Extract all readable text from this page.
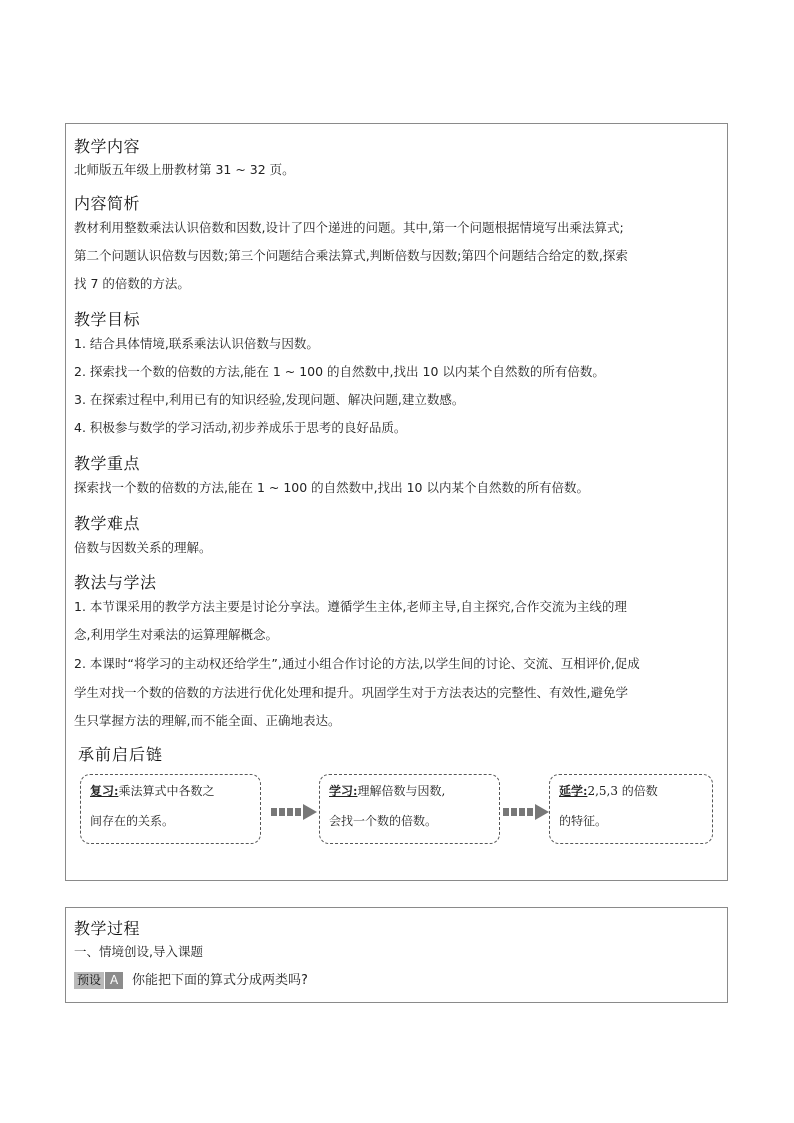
教学内容
北师版五年级上册教材第 31 ~ 32 页。
内容简析
教材利用整数乘法认识倍数和因数,设计了四个递进的问题。其中,第一个问题根据情境写出乘法算式;
第二个问题认识倍数与因数;第三个问题结合乘法算式,判断倍数与因数;第四个问题结合给定的数,探索
找 7 的倍数的方法。
教学目标
1. 结合具体情境,联系乘法认识倍数与因数。
2. 探索找一个数的倍数的方法,能在 1 ~ 100 的自然数中,找出 10 以内某个自然数的所有倍数。
3. 在探索过程中,利用已有的知识经验,发现问题、解决问题,建立数感。
4. 积极参与数学的学习活动,初步养成乐于思考的良好品质。
教学重点
探索找一个数的倍数的方法,能在 1 ~ 100 的自然数中,找出 10 以内某个自然数的所有倍数。
教学难点
倍数与因数关系的理解。
教法与学法
1. 本节课采用的教学方法主要是讨论分享法。遵循学生主体,老师主导,自主探究,合作交流为主线的理
念,利用学生对乘法的运算理解概念。
2. 本课时“将学习的主动权还给学生”,通过小组合作讨论的方法,以学生间的讨论、交流、互相评价,促成
学生对找一个数的倍数的方法进行优化处理和提升。巩固学生对于方法表达的完整性、有效性,避免学
生只掌握方法的理解,而不能全面、正确地表达。
承前启后链
复习:乘法算式中各数之
间存在的关系。
学习:理解倍数与因数,
会找一个数的倍数。
延学:2,5,3 的倍数
的特征。
教学过程
一、情境创设,导入课题
预设 A	你能把下面的算式分成两类吗?
